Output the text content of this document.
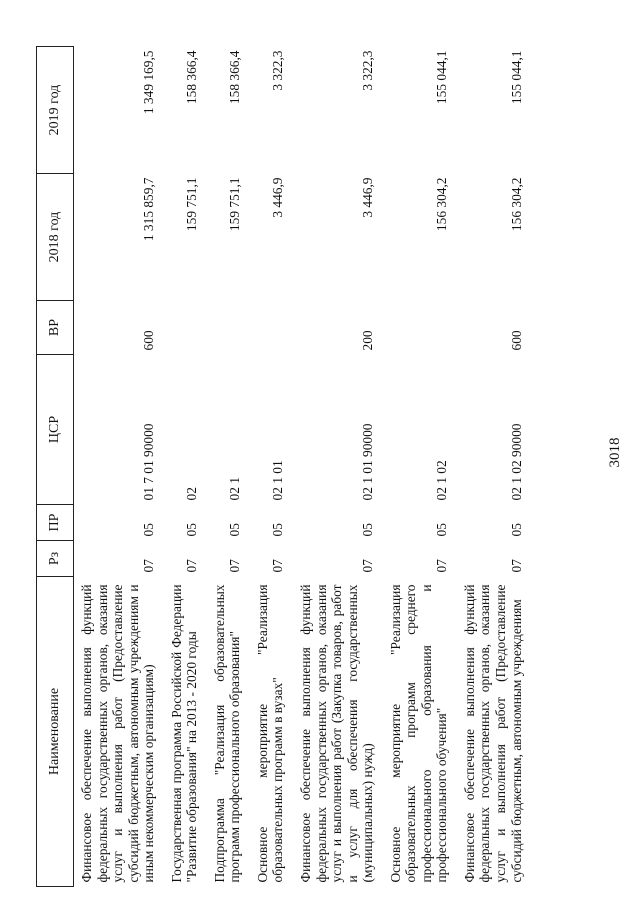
3018
Наименование	Рз	ПР	ЦСР	ВР	2018 год	2019 год
Финансовое обеспечение выполнения функций федеральных государственных органов, оказания услуг и выполнения работ (Предоставление субсидий бюджетным, автономным учреждениям и иным некоммерческим организациям)	07	05	01 7 01 90000	600	1 315 859,7	1 349 169,5
Государственная программа Российской Федерации "Развитие образования" на 2013 - 2020 годы	07	05	02		159 751,1	158 366,4
Подпрограмма "Реализация образовательных программ профессионального образования"	07	05	02 1		159 751,1	158 366,4
Основное мероприятие "Реализация образовательных программ в вузах"	07	05	02 1 01		3 446,9	3 322,3
Финансовое обеспечение выполнения функций федеральных государственных органов, оказания услуг и выполнения работ (Закупка товаров, работ и услуг для обеспечения государственных (муниципальных) нужд)	07	05	02 1 01 90000	200	3 446,9	3 322,3
Основное мероприятие "Реализация образовательных программ среднего профессионального образования и профессионального обучения"	07	05	02 1 02		156 304,2	155 044,1
Финансовое обеспечение выполнения функций федеральных государственных органов, оказания услуг и выполнения работ (Предоставление субсидий бюджетным, автономным учреждениям	07	05	02 1 02 90000	600	156 304,2	155 044,1
